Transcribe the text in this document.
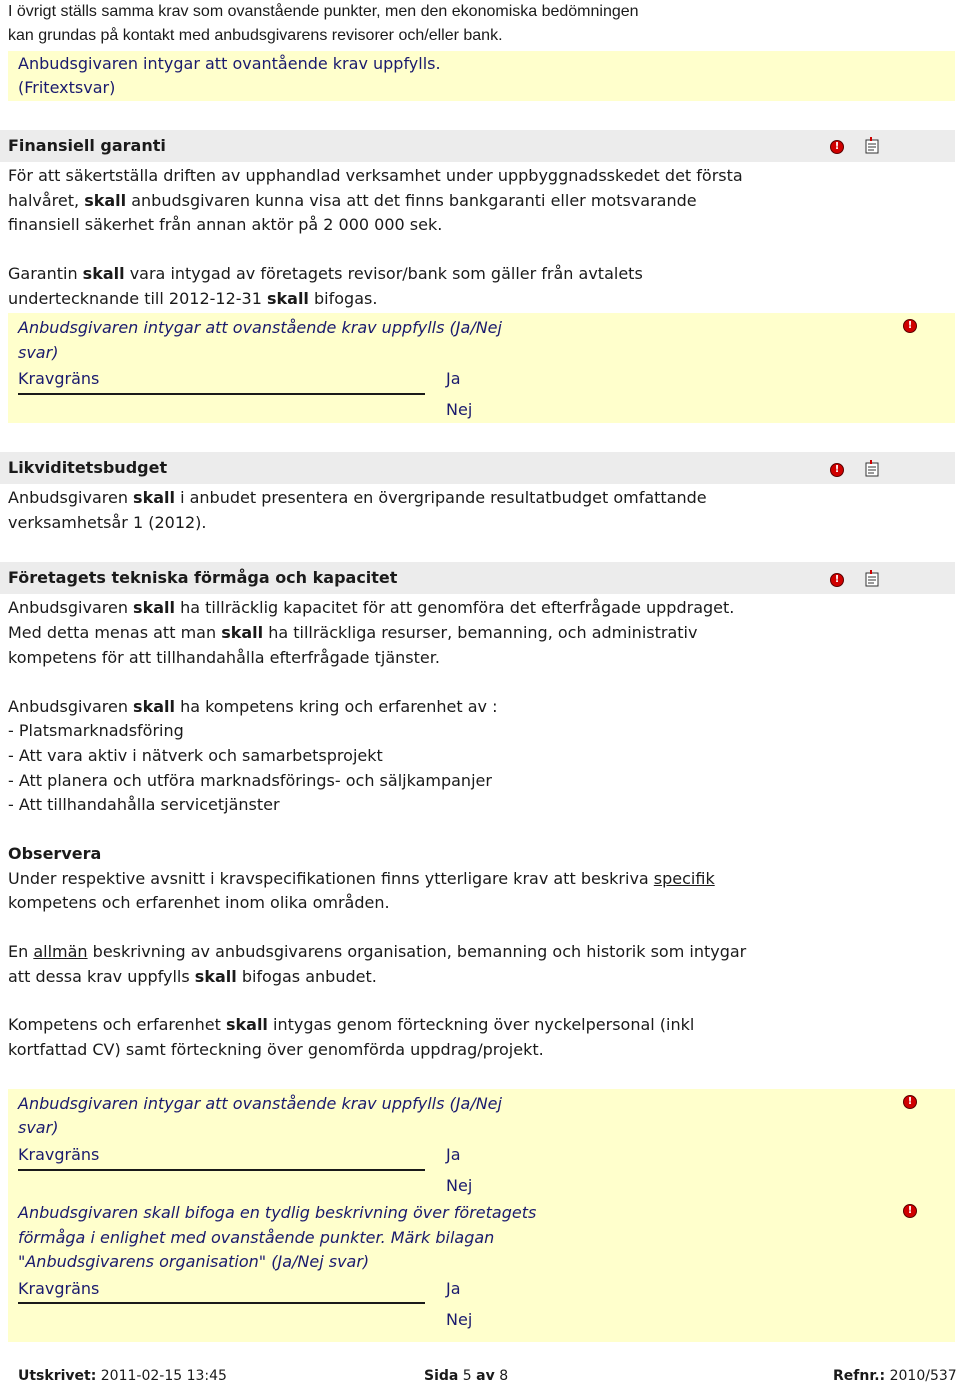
I övrigt ställs samma krav som ovanstående punkter, men den ekonomiska bedömningen
kan grundas på kontakt med anbudsgivarens revisorer och/eller bank.
Anbudsgivaren intygar att ovantående krav uppfylls.
(Fritextsvar)
Finansiell garanti	!
För att säkertställa driften av upphandlad verksamhet under uppbyggnadsskedet det första
halvåret, skall anbudsgivaren kunna visa att det finns bankgaranti eller motsvarande
finansiell säkerhet från annan aktör på 2 000 000 sek.
Garantin skall vara intygad av företagets revisor/bank som gäller från avtalets
undertecknande till 2012-12-31 skall bifogas.
Anbudsgivaren intygar att ovanstående krav uppfylls (Ja/Nej
svar)
!
Kravgräns	Ja
Nej
Likviditetsbudget	!
Anbudsgivaren skall i anbudet presentera en övergripande resultatbudget omfattande
verksamhetsår 1 (2012).
Företagets tekniska förmåga och kapacitet	!
Anbudsgivaren skall ha tillräcklig kapacitet för att genomföra det efterfrågade uppdraget.
Med detta menas att man skall ha tillräckliga resurser, bemanning, och administrativ
kompetens för att tillhandahålla efterfrågade tjänster.
Anbudsgivaren skall ha kompetens kring och erfarenhet av :
- Platsmarknadsföring
- Att vara aktiv i nätverk och samarbetsprojekt
- Att planera och utföra marknadsförings- och säljkampanjer
- Att tillhandahålla servicetjänster
Observera
Under respektive avsnitt i kravspecifikationen finns ytterligare krav att beskriva specifik
kompetens och erfarenhet inom olika områden.
En allmän beskrivning av anbudsgivarens organisation, bemanning och historik som intygar
att dessa krav uppfylls skall bifogas anbudet.
Kompetens och erfarenhet skall intygas genom förteckning över nyckelpersonal (inkl
kortfattad CV) samt förteckning över genomförda uppdrag/projekt.
Anbudsgivaren intygar att ovanstående krav uppfylls (Ja/Nej
svar)
Anbudsgivaren skall bifoga en tydlig beskrivning över företagets
förmåga i enlighet med ovanstående punkter. Märk bilagan
"Anbudsgivarens organisation" (Ja/Nej svar)
!
Kravgräns	Ja
Nej
!
Kravgräns	Ja
Nej
Utskrivet: 2011-02-15 13:45	Sida 5 av 8	Refnr.: 2010/537
